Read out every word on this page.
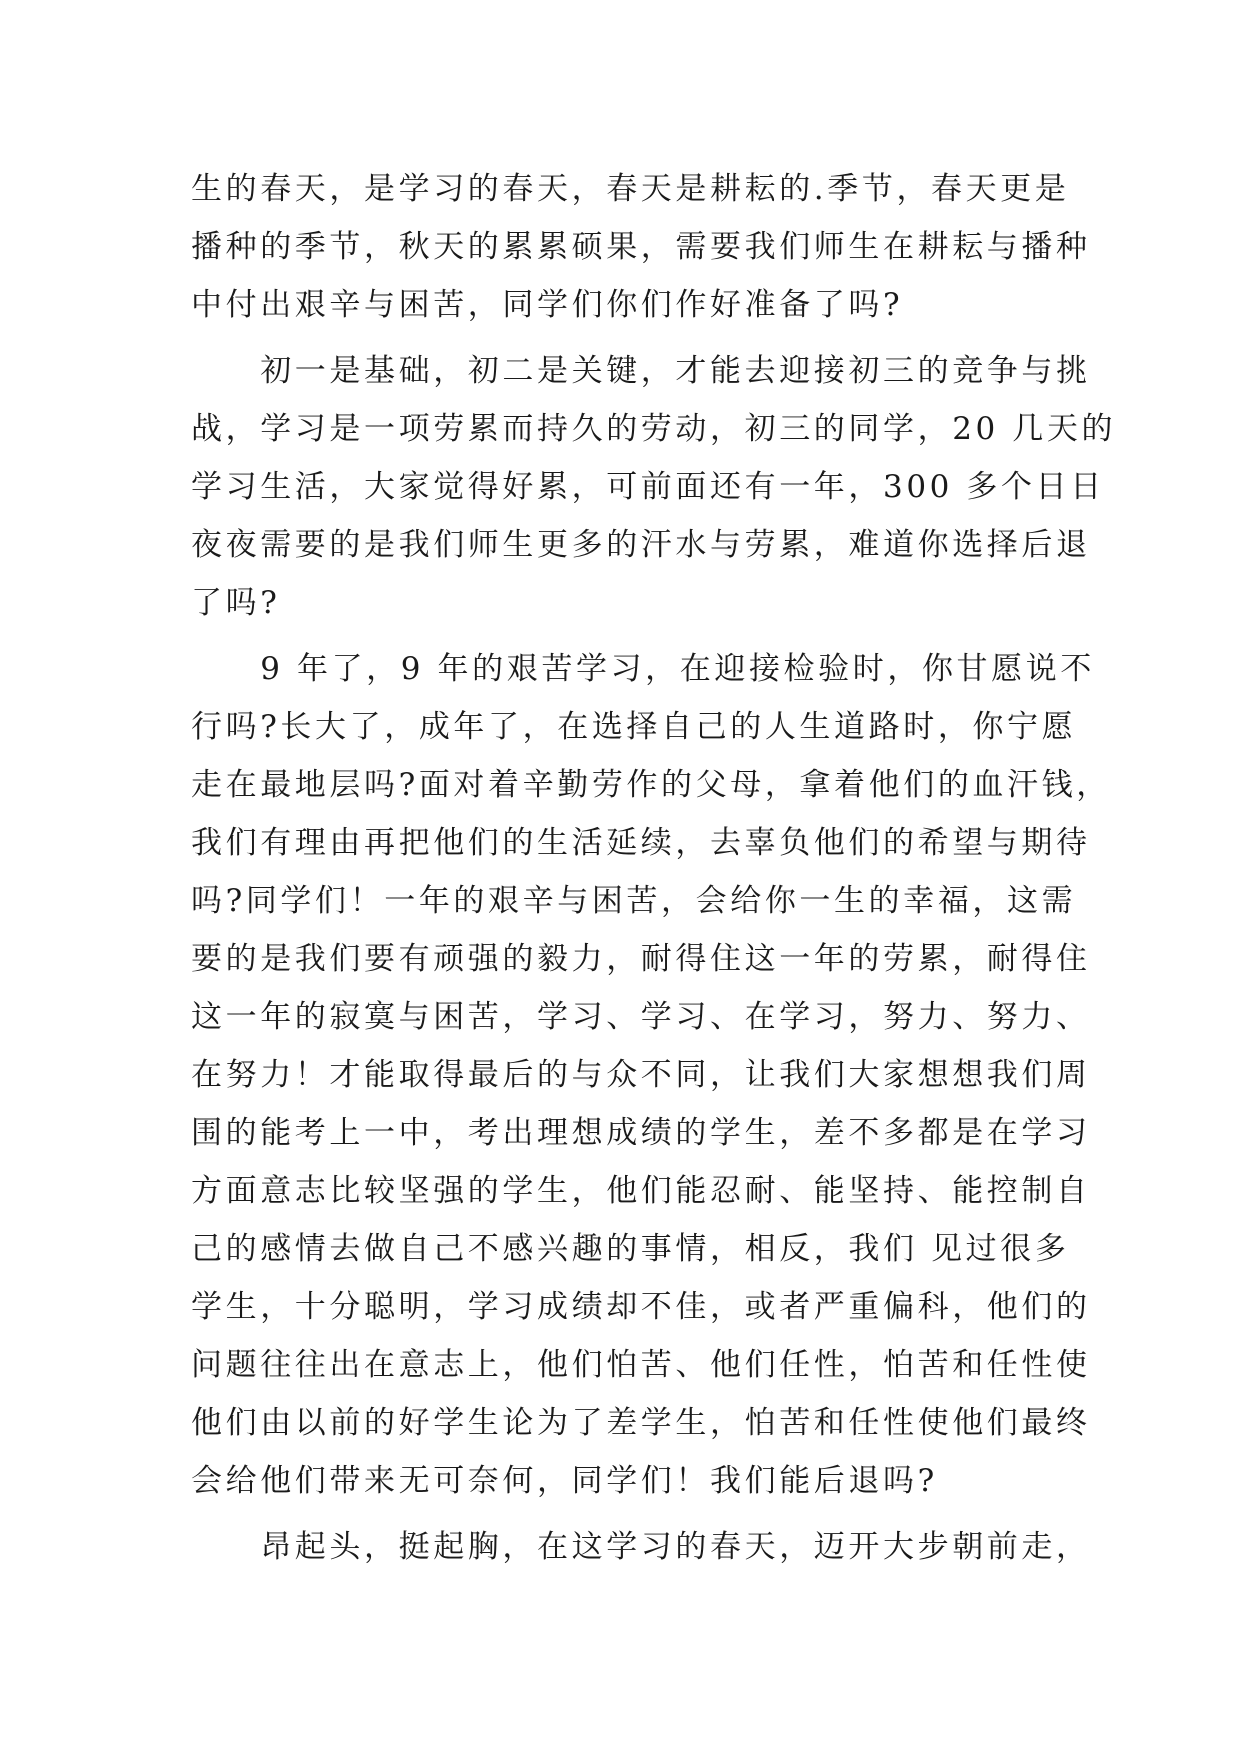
生的春天，是学习的春天，春天是耕耘的.季节，春天更是
播种的季节，秋天的累累硕果，需要我们师生在耕耘与播种
中付出艰辛与困苦，同学们你们作好准备了吗?
　　初一是基础，初二是关键，才能去迎接初三的竞争与挑
战，学习是一项劳累而持久的劳动，初三的同学，20 几天的
学习生活，大家觉得好累，可前面还有一年，300 多个日日
夜夜需要的是我们师生更多的汗水与劳累，难道你选择后退
了吗?
　　9 年了，9 年的艰苦学习，在迎接检验时，你甘愿说不
行吗?长大了，成年了，在选择自己的人生道路时，你宁愿
走在最地层吗?面对着辛勤劳作的父母，拿着他们的血汗钱，
我们有理由再把他们的生活延续，去辜负他们的希望与期待
吗?同学们！一年的艰辛与困苦，会给你一生的幸福，这需
要的是我们要有顽强的毅力，耐得住这一年的劳累，耐得住
这一年的寂寞与困苦，学习、学习、在学习，努力、努力、
在努力！才能取得最后的与众不同，让我们大家想想我们周
围的能考上一中，考出理想成绩的学生，差不多都是在学习
方面意志比较坚强的学生，他们能忍耐、能坚持、能控制自
己的感情去做自己不感兴趣的事情，相反，我们 见过很多
学生，十分聪明，学习成绩却不佳，或者严重偏科，他们的
问题往往出在意志上，他们怕苦、他们任性，怕苦和任性使
他们由以前的好学生论为了差学生，怕苦和任性使他们最终
会给他们带来无可奈何，同学们！我们能后退吗?
　　昂起头，挺起胸，在这学习的春天，迈开大步朝前走，
